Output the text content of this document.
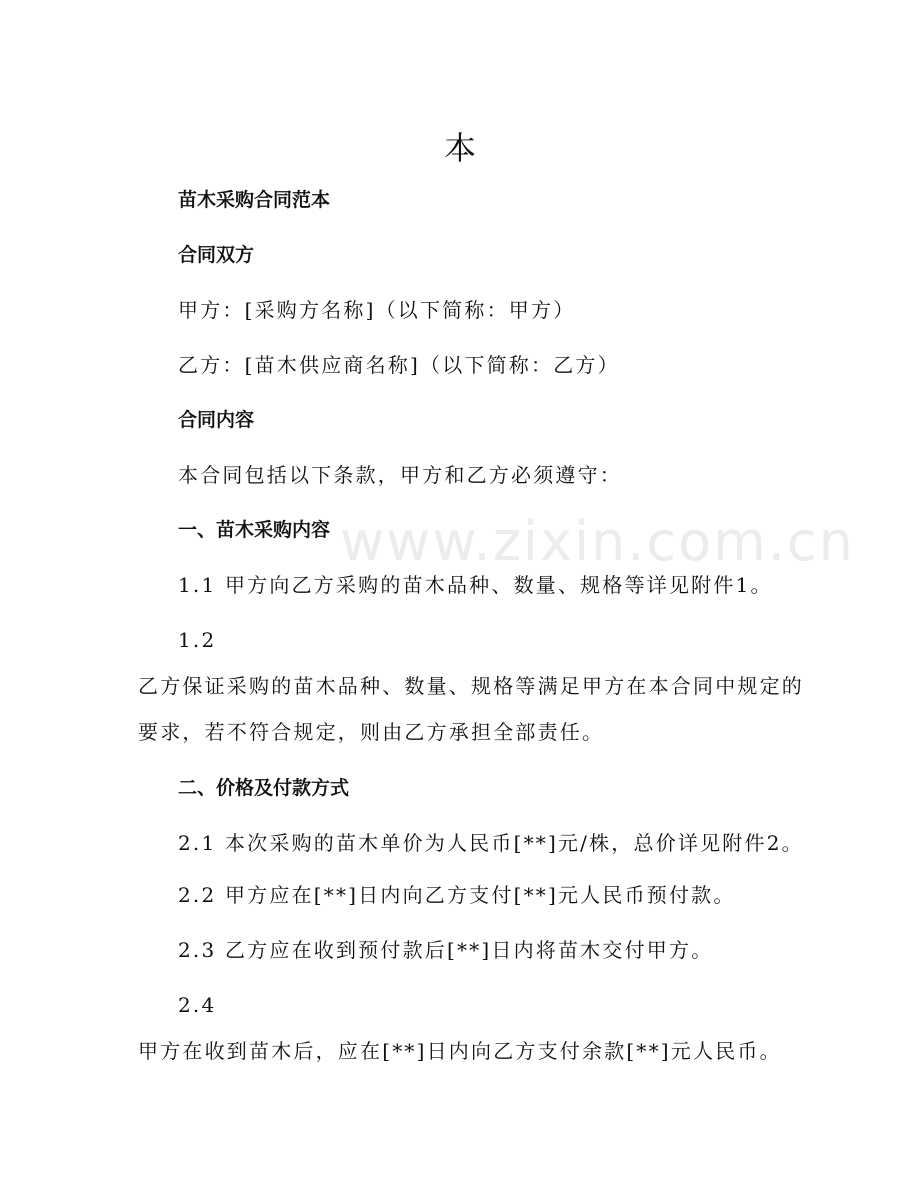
www.zixin.com.cn
本
苗木采购合同范本
合同双方
甲方：[采购方名称]（以下简称：甲方）
乙方：[苗木供应商名称]（以下简称：乙方）
合同内容
本合同包括以下条款，甲方和乙方必须遵守：
一、苗木采购内容
1.1 甲方向乙方采购的苗木品种、数量、规格等详见附件1。
1.2
乙方保证采购的苗木品种、数量、规格等满足甲方在本合同中规定的
要求，若不符合规定，则由乙方承担全部责任。
二、价格及付款方式
2.1 本次采购的苗木单价为人民币[**]元/株，总价详见附件2。
2.2 甲方应在[**]日内向乙方支付[**]元人民币预付款。
2.3 乙方应在收到预付款后[**]日内将苗木交付甲方。
2.4
甲方在收到苗木后，应在[**]日内向乙方支付余款[**]元人民币。
